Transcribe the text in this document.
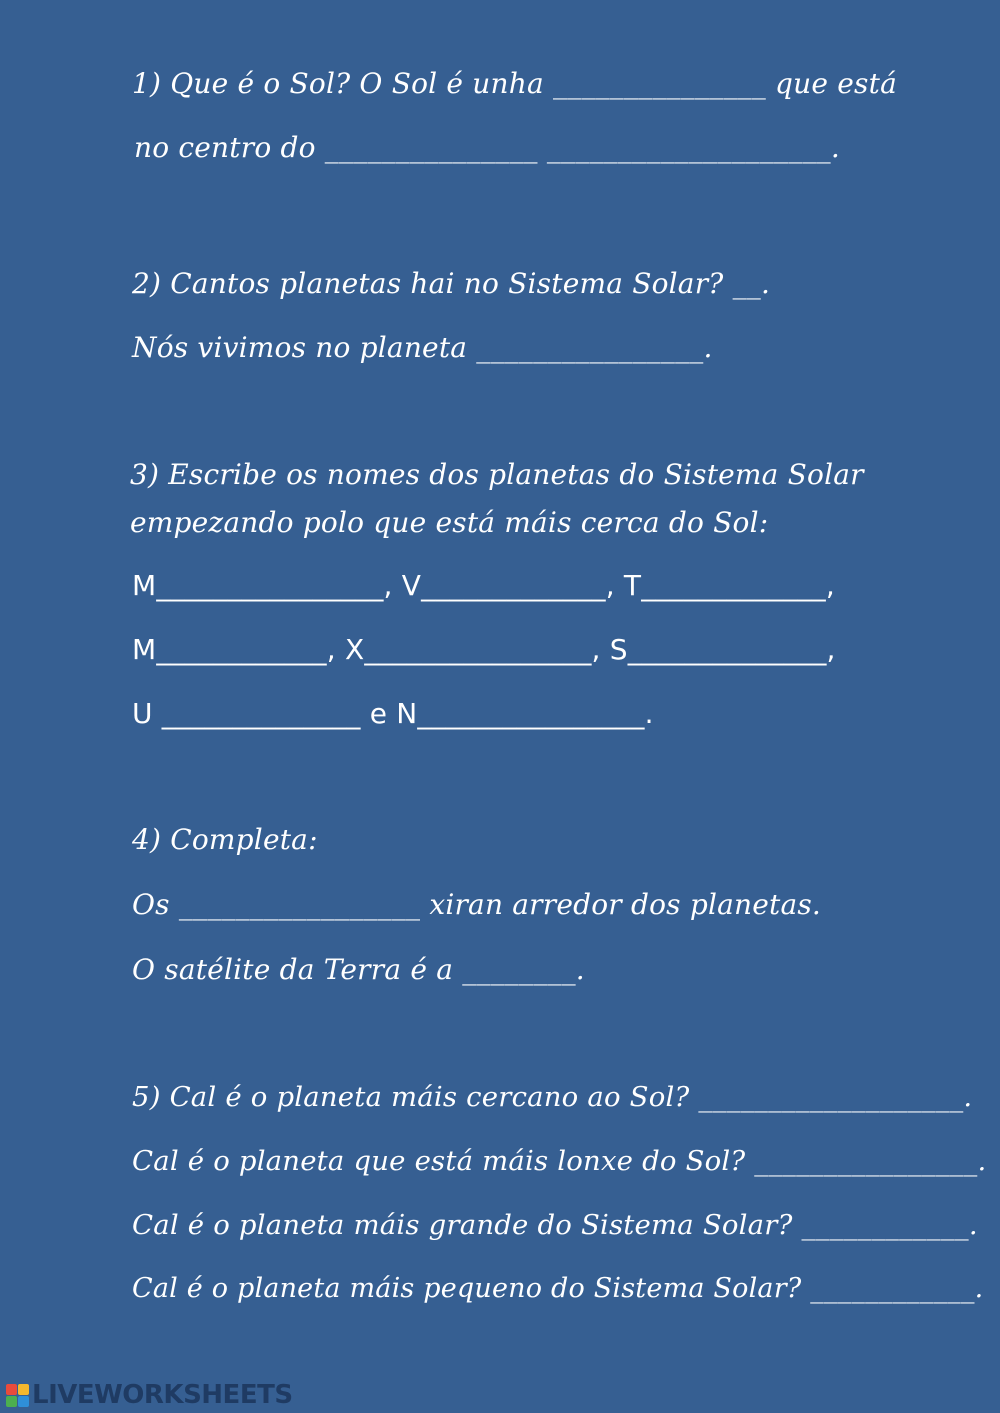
1) Que é o Sol? O Sol é unha _______________ que está
no centro do _______________ ____________________.
2) Cantos planetas hai no Sistema Solar? __.
Nós vivimos no planeta ________________.
3) Escribe os nomes dos planetas do Sistema Solar
empezando polo que está máis cerca do Sol:
M________________, V_____________, T_____________,
M____________, X________________, S______________,
U ______________ e N________________.
4) Completa:
Os _________________ xiran arredor dos planetas.
O satélite da Terra é a ________.
5) Cal é o planeta máis cercano ao Sol? ___________________.
Cal é o planeta que está máis lonxe do Sol? ________________.
Cal é o planeta máis grande do Sistema Solar? ____________.
Cal é o planeta máis pequeno do Sistema Solar? ____________.
LIVEWORKSHEETS
